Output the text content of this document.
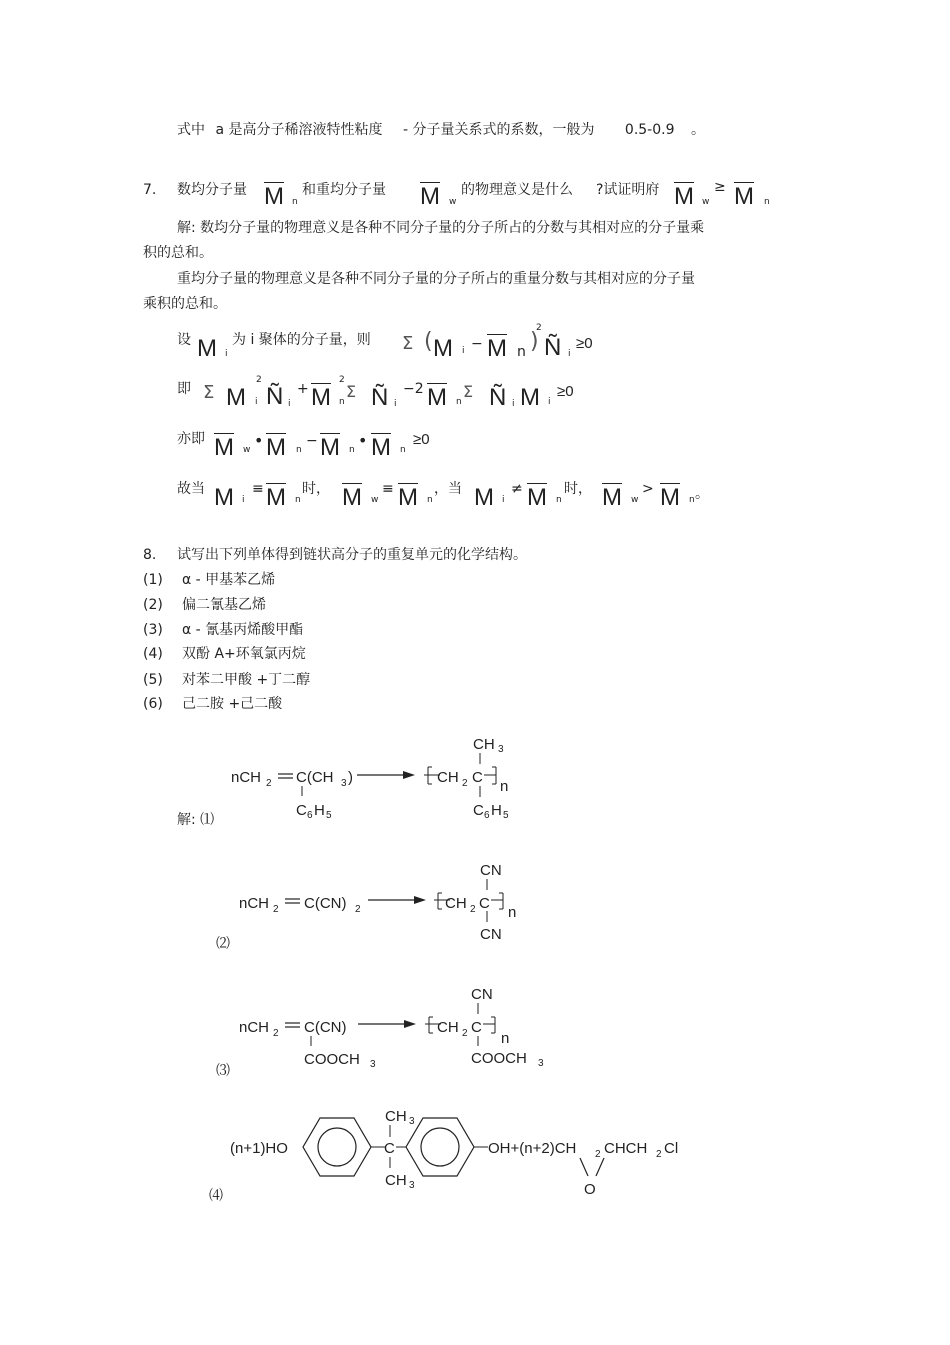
式中 a 是高分子稀溶液特性粘度 - 分子量关系式的系数，一般为 0.5-0.9 。
7. 数均分子量 $\overline{M}$ n
和重均分子量 $\overline{M}$ w
的物理意义是什么 ?试证明府 $\overline{M}$ w
≥ $\overline{M}$ n
解: 数均分子量的物理意义是各种不同分子量的分子所占的分数与其相对应的分子量乘
积的总和。
重均分子量的物理意义是各种不同分子量的分子所占的重量分数与其相对应的分子量
乘积的总和。
设 M i
为 i 聚体的分子量，则 Σ ( M $i - \overline{M}$ n )
2
Ñ i
≥0
即 Σ M
2
i Ñ i
+ $\overline{M}$
2
n
Σ Ñ i
−2 $\overline{M}$ n
Σ Ñ i M i
≥0
亦即 $\overline{M}$ w • $\overline{M}$ n
− $\overline{M}$ n • $\overline{M}$ n
≥0
故当 M i
≡ $\overline{M}$ n
时， $\overline{M}$ w
≡ $\overline{M}$ n
，当 M i
≠ $\overline{M}$ n
时， $\overline{M}$ w
> $\overline{M}$ n 。
8. 试写出下列单体得到链状高分子的重复单元的化学结构。
(1) α - 甲基苯乙烯
(2) 偏二氰基乙烯
(3) α - 氰基丙烯酸甲酯
(4) 双酚 A+环氧氯丙烷
(5) 对苯二甲酸 +丁二醇
(6) 己二胺 +己二酸
解: ⑴
⑵
⑶
⑷
nCH 2 C(CH 3 )
C 6 H 5
CH 3
CH 2 C
n
C 6 H 5
nCH 2 C(CN) 2
CN
CH 2 C
n
CN
nCH 2 C(CN)
COOCH 3
CN
CH 2 C
n
COOCH 3
(n+1)HO
CH 3
C
CH 3
OH+(n+2)CH 2 CHCH 2 Cl
O
